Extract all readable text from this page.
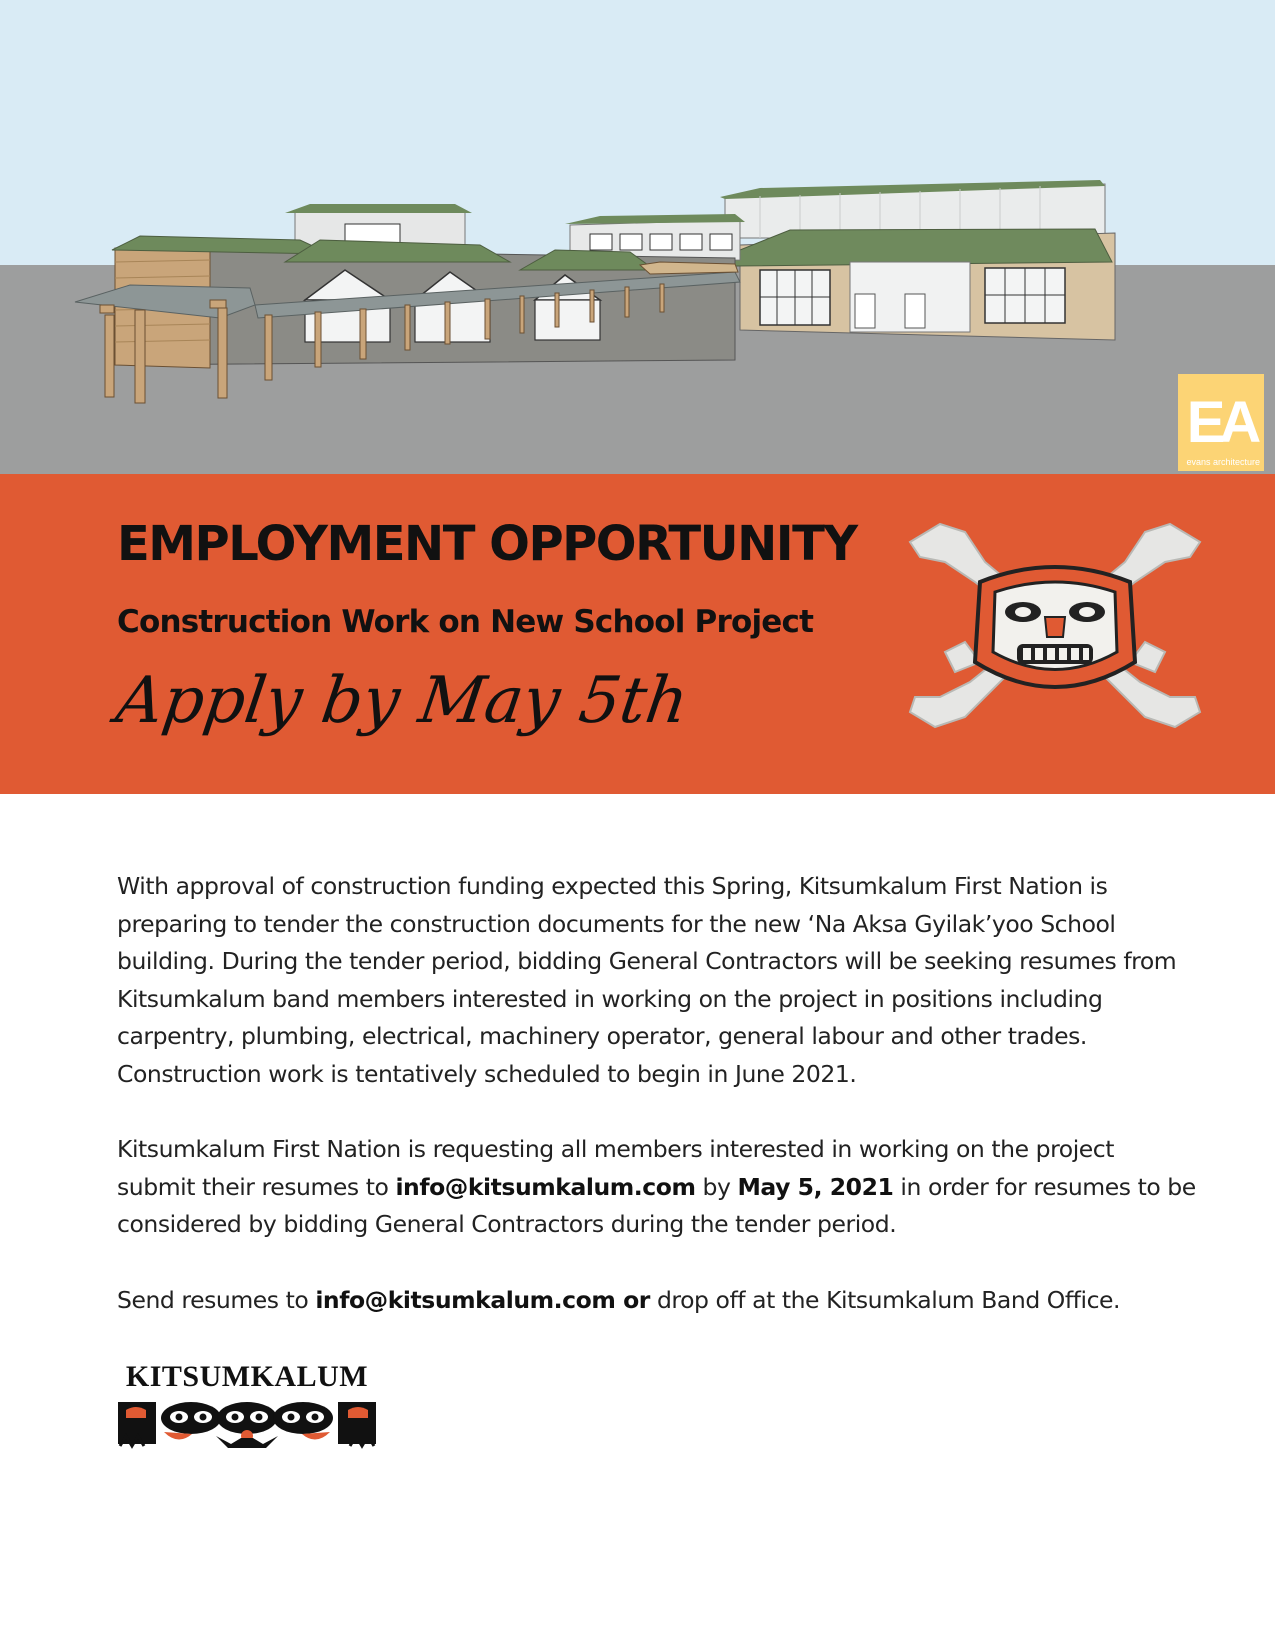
EA
evans architecture
EMPLOYMENT OPPORTUNITY
Construction Work on New School Project
Apply by May 5th

With approval of construction funding expected this Spring, Kitsumkalum First Nation is preparing to tender the construction documents for the new ‘Na Aksa Gyilak’yoo School building. During the tender period, bidding General Contractors will be seeking resumes from Kitsumkalum band members interested in working on the project in positions including carpentry, plumbing, electrical, machinery operator, general labour and other trades. Construction work is tentatively scheduled to begin in June 2021.

Kitsumkalum First Nation is requesting all members interested in working on the project submit their resumes to info@kitsumkalum.com by May 5, 2021 in order for resumes to be considered by bidding General Contractors during the tender period.

Send resumes to info@kitsumkalum.com or drop off at the Kitsumkalum Band Office.

KITSUMKALUM
